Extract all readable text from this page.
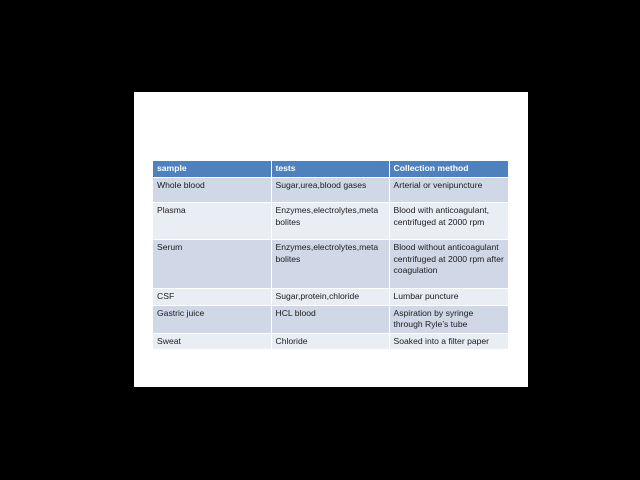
sample	tests	Collection method
Whole blood	Sugar,urea,blood gases	Arterial or venipuncture
Plasma	Enzymes,electrolytes,meta bolites	Blood with anticoagulant, centrifuged at 2000 rpm
Serum	Enzymes,electrolytes,meta bolites	Blood without anticoagulant centrifuged at 2000 rpm after coagulation
CSF	Sugar,protein,chloride	Lumbar puncture
Gastric juice	HCL blood	Aspiration by syringe through Ryle’s tube
Sweat	Chloride	Soaked into a filter paper
